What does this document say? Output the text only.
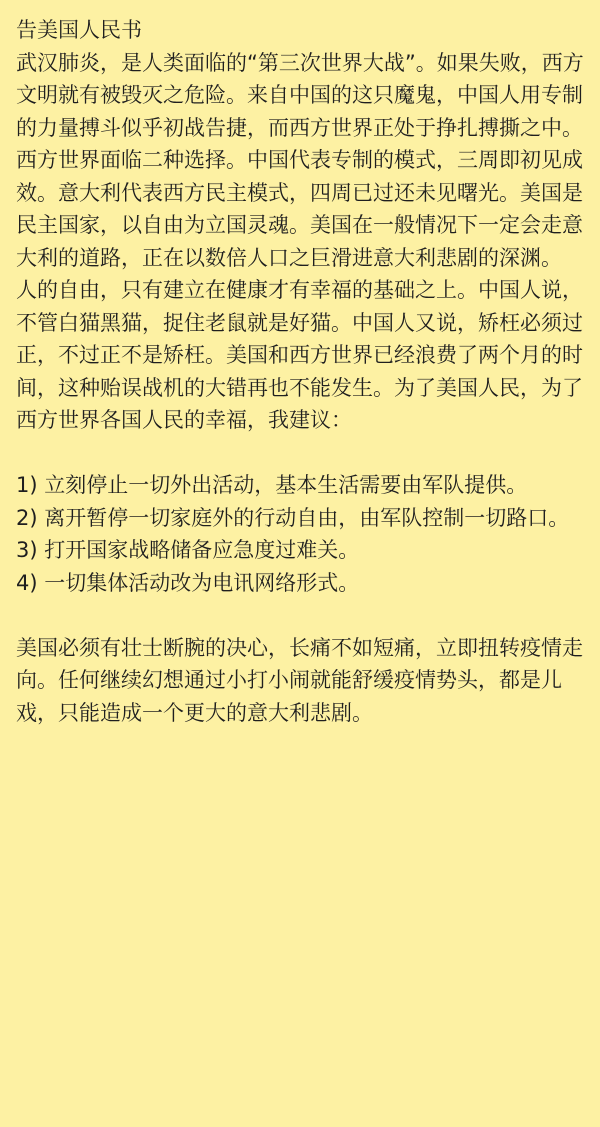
告美国人民书

武汉肺炎，是人类面临的“第三次世界大战”。如果失败，西方文明就有被毁灭之危险。来自中国的这只魔鬼，中国人用专制的力量搏斗似乎初战告捷，而西方世界正处于挣扎搏撕之中。

西方世界面临二种选择。中国代表专制的模式，三周即初见成效。意大利代表西方民主模式，四周已过还未见曙光。美国是民主国家，以自由为立国灵魂。美国在一般情况下一定会走意大利的道路，正在以数倍人口之巨滑进意大利悲剧的深渊。

人的自由，只有建立在健康才有幸福的基础之上。中国人说，不管白猫黑猫，捉住老鼠就是好猫。中国人又说，矫枉必须过正，不过正不是矫枉。美国和西方世界已经浪费了两个月的时间，这种贻误战机的大错再也不能发生。为了美国人民，为了西方世界各国人民的幸福，我建议：

1) 立刻停止一切外出活动，基本生活需要由军队提供。

2) 离开暂停一切家庭外的行动自由，由军队控制一切路口。

3) 打开国家战略储备应急度过难关。

4) 一切集体活动改为电讯网络形式。

美国必须有壮士断腕的决心，长痛不如短痛，立即扭转疫情走向。任何继续幻想通过小打小闹就能舒缓疫情势头，都是儿戏，只能造成一个更大的意大利悲剧。
